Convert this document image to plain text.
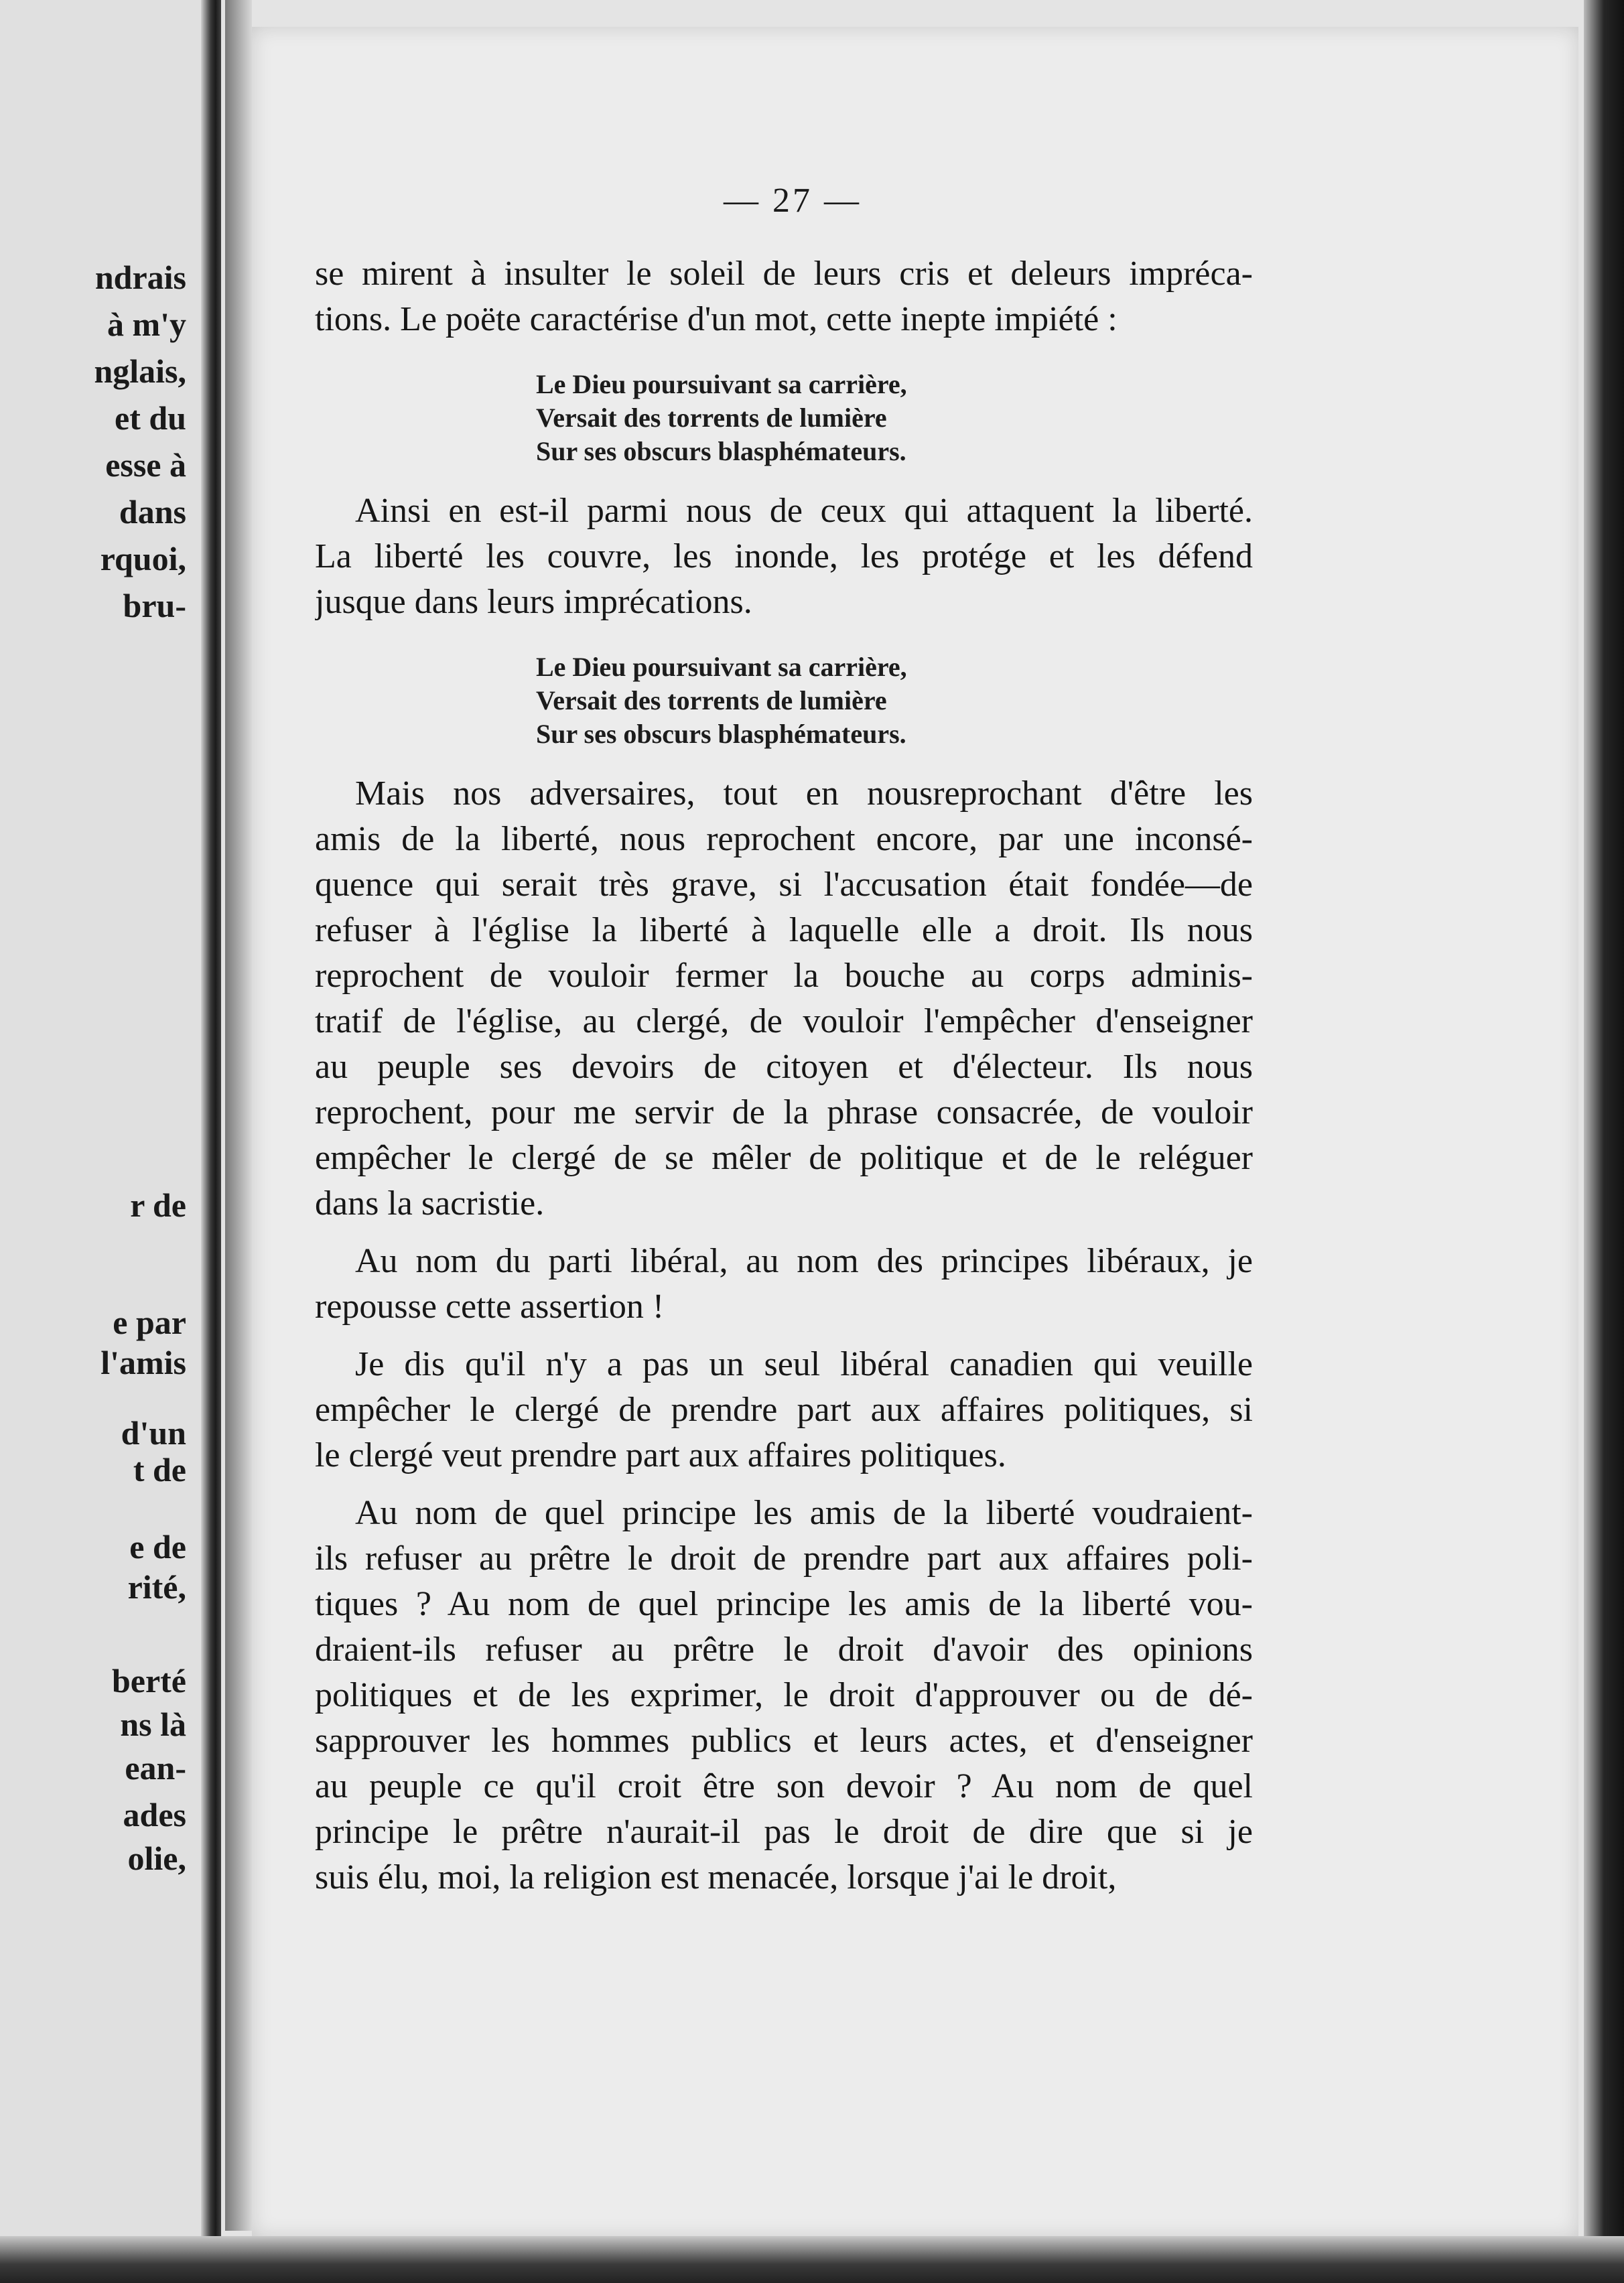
ndrais
à m'y
nglais,
et du
esse à
dans
rquoi,
bru-
r de
e par
l'amis
d'un
t de
e de
rité,
berté
ns là
ean-
ades
olie,
— 27 —
se mirent à insulter le soleil de leurs cris et deleurs impréca-
tions. Le poëte caractérise d'un mot, cette inepte impiété :
Le Dieu poursuivant sa carrière,
Versait des torrents de lumière
Sur ses obscurs blasphémateurs.
Ainsi en est-il parmi nous de ceux qui attaquent la liberté.
La liberté les couvre, les inonde, les protége et les défend
jusque dans leurs imprécations.
Le Dieu poursuivant sa carrière,
Versait des torrents de lumière
Sur ses obscurs blasphémateurs.
Mais nos adversaires, tout en nousreprochant d'être les
amis de la liberté, nous reprochent encore, par une inconsé-
quence qui serait très grave, si l'accusation était fondée—de
refuser à l'église la liberté à laquelle elle a droit. Ils nous
reprochent de vouloir fermer la bouche au corps adminis-
tratif de l'église, au clergé, de vouloir l'empêcher d'enseigner
au peuple ses devoirs de citoyen et d'électeur. Ils nous
reprochent, pour me servir de la phrase consacrée, de vouloir
empêcher le clergé de se mêler de politique et de le reléguer
dans la sacristie.
Au nom du parti libéral, au nom des principes libéraux, je
repousse cette assertion !
Je dis qu'il n'y a pas un seul libéral canadien qui veuille
empêcher le clergé de prendre part aux affaires politiques, si
le clergé veut prendre part aux affaires politiques.
Au nom de quel principe les amis de la liberté voudraient-
ils refuser au prêtre le droit de prendre part aux affaires poli-
tiques ? Au nom de quel principe les amis de la liberté vou-
draient-ils refuser au prêtre le droit d'avoir des opinions
politiques et de les exprimer, le droit d'approuver ou de dé-
sapprouver les hommes publics et leurs actes, et d'enseigner
au peuple ce qu'il croit être son devoir ? Au nom de quel
principe le prêtre n'aurait-il pas le droit de dire que si je
suis élu, moi, la religion est menacée, lorsque j'ai le droit,
